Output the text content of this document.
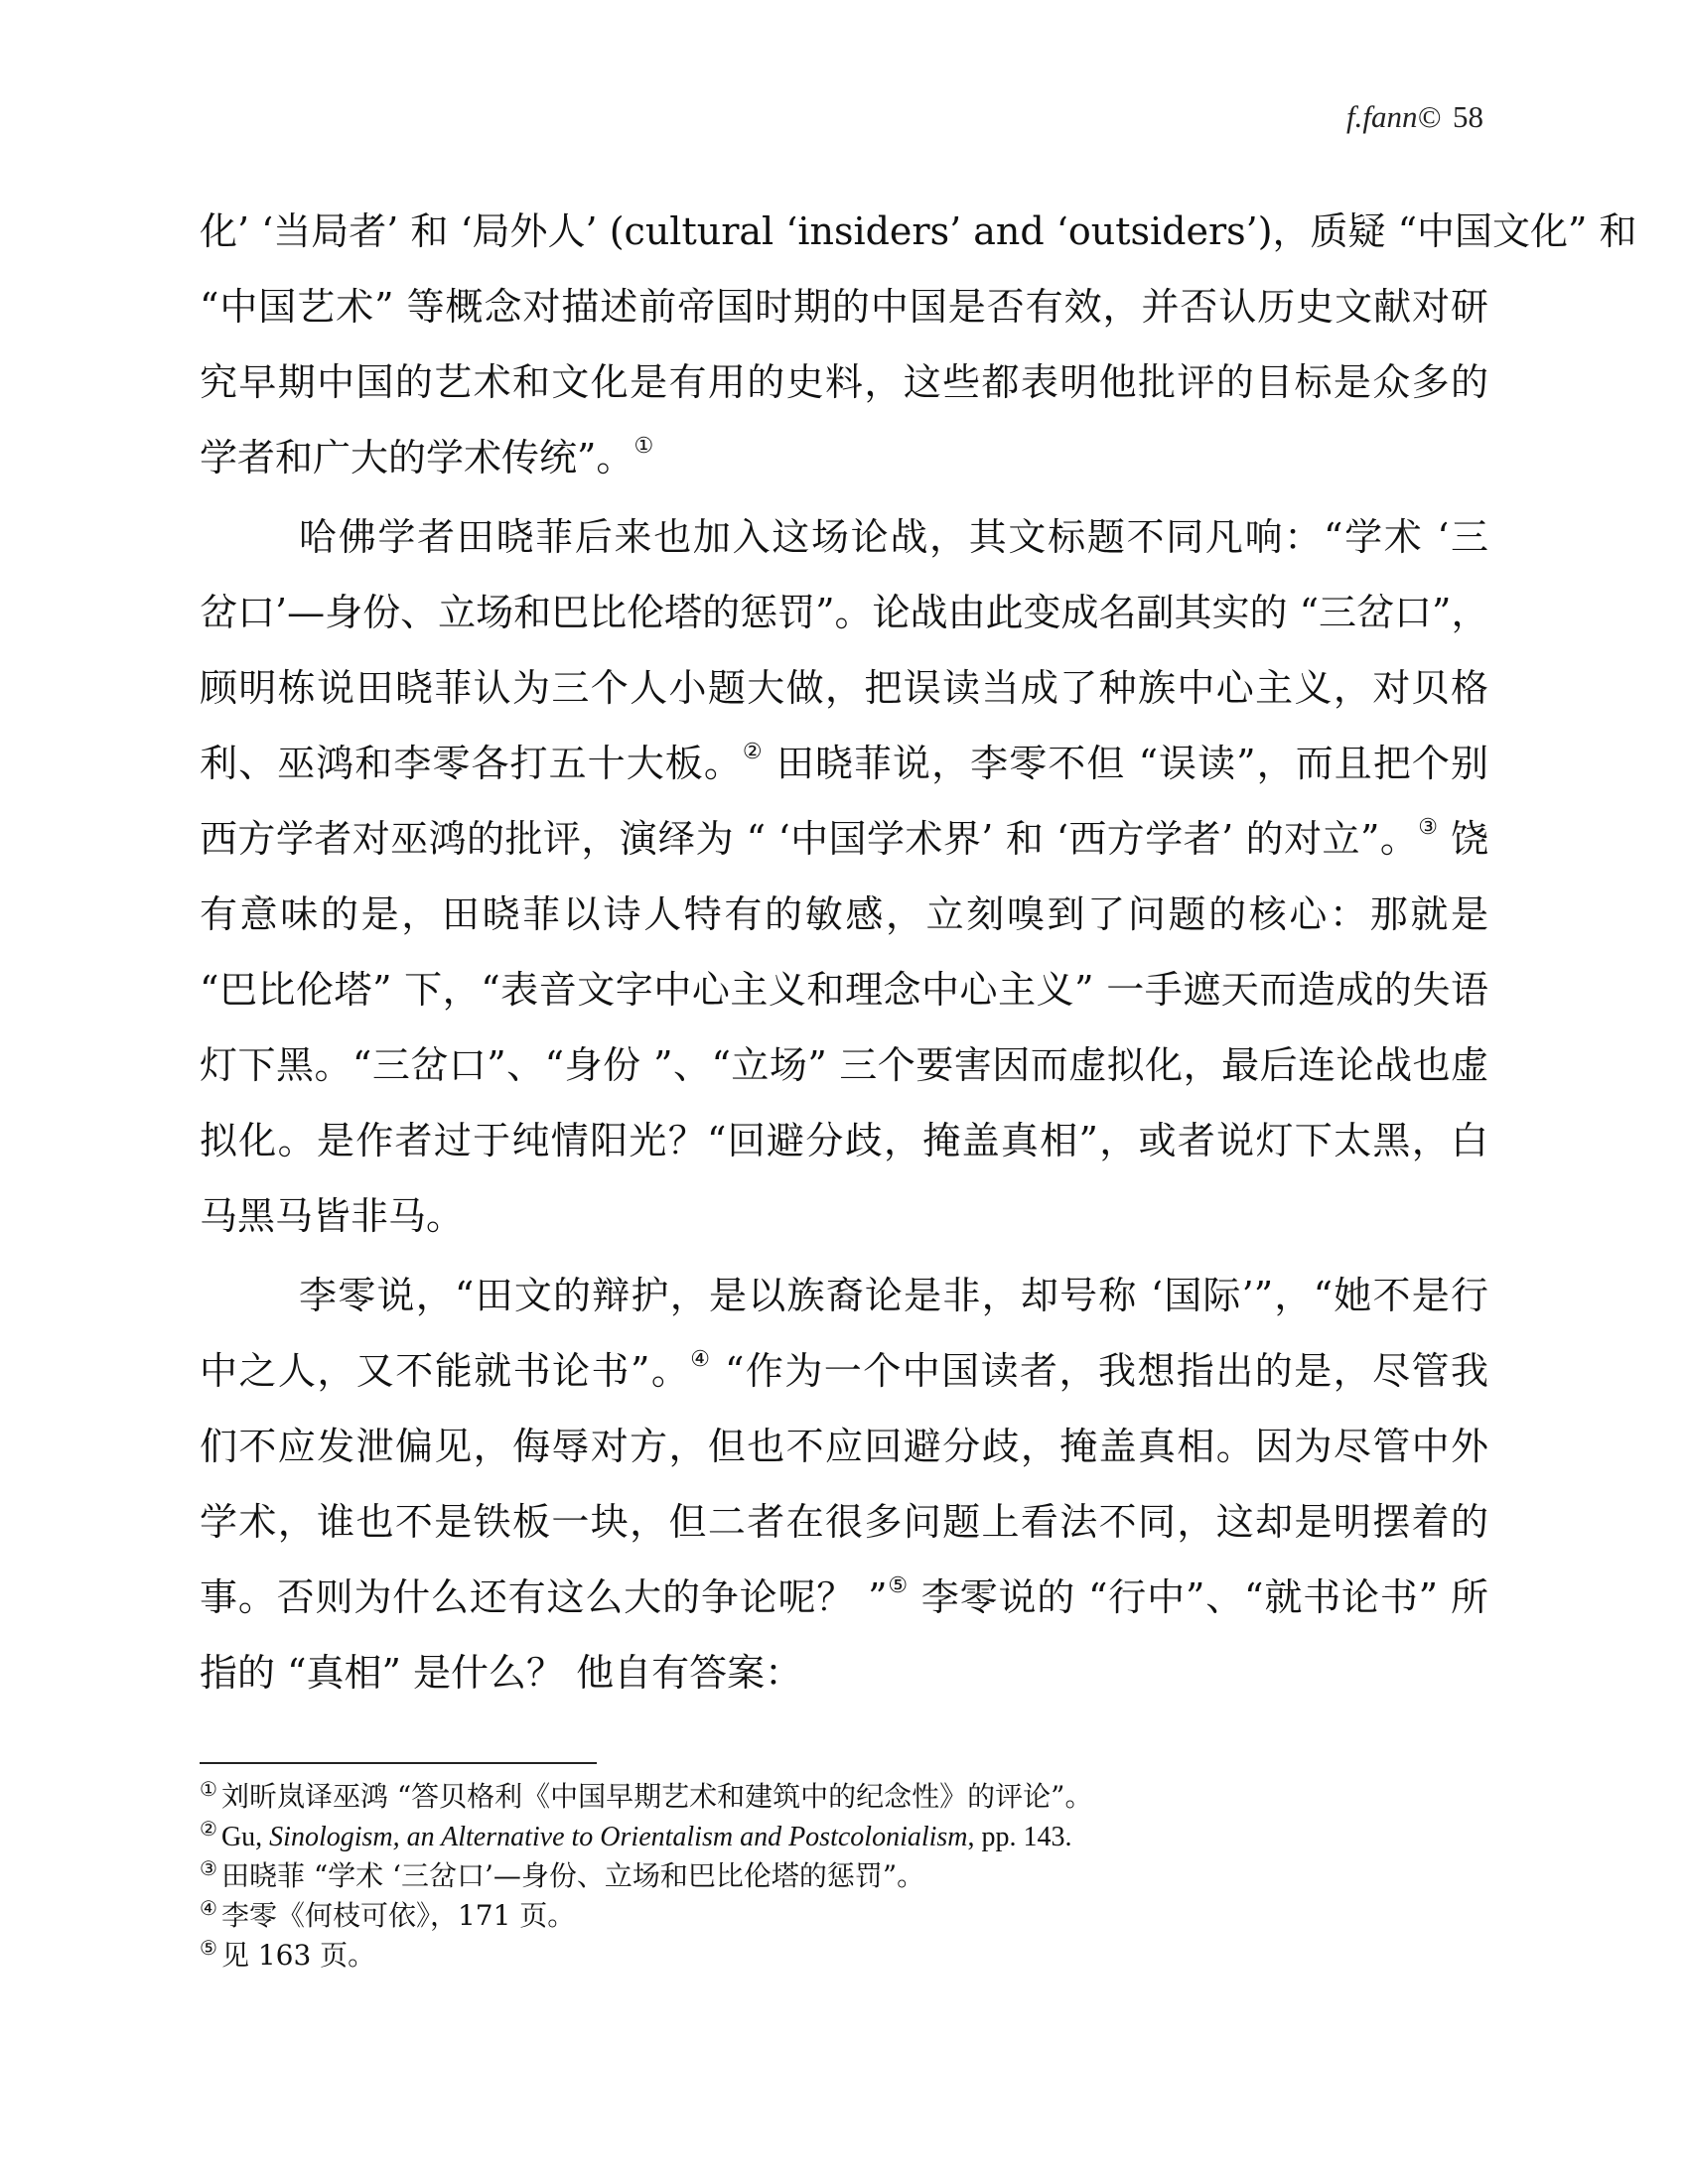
f.fann© 58
化’ ‘当局者’ 和 ‘局外人’ (cultural ‘insiders’ and ‘outsiders’)，质疑 “中国文化” 和
“中国艺术” 等概念对描述前帝国时期的中国是否有效，并否认历史文献对研
究早期中国的艺术和文化是有用的史料，这些都表明他批评的目标是众多的
学者和广大的学术传统”。①
哈佛学者田晓菲后来也加入这场论战，其文标题不同凡响：“学术 ‘三
岔口’—身份、立场和巴比伦塔的惩罚”。论战由此变成名副其实的 “三岔口”，
顾明栋说田晓菲认为三个人小题大做，把误读当成了种族中心主义，对贝格
利、巫鸿和李零各打五十大板。② 田晓菲说，李零不但 “误读”，而且把个别
西方学者对巫鸿的批评，演绎为 “ ‘中国学术界’ 和 ‘西方学者’ 的对立”。③ 饶
有意味的是，田晓菲以诗人特有的敏感，立刻嗅到了问题的核心：那就是
“巴比伦塔” 下，“表音文字中心主义和理念中心主义” 一手遮天而造成的失语
灯下黑。“三岔口”、“身份 ”、“立场” 三个要害因而虚拟化，最后连论战也虚
拟化。是作者过于纯情阳光？“回避分歧，掩盖真相”，或者说灯下太黑，白
马黑马皆非马。
李零说，“田文的辩护，是以族裔论是非，却号称 ‘国际’”，“她不是行
中之人，又不能就书论书”。④ “作为一个中国读者，我想指出的是，尽管我
们不应发泄偏见，侮辱对方，但也不应回避分歧，掩盖真相。因为尽管中外
学术，谁也不是铁板一块，但二者在很多问题上看法不同，这却是明摆着的
事。否则为什么还有这么大的争论呢？ ”⑤ 李零说的 “行中”、“就书论书” 所
指的 “真相” 是什么？ 他自有答案：
① 刘昕岚译巫鸿 “答贝格利《中国早期艺术和建筑中的纪念性》的评论”。
② Gu, Sinologism, an Alternative to Orientalism and Postcolonialism, pp. 143.
③ 田晓菲 “学术 ‘三岔口’—身份、立场和巴比伦塔的惩罚”。
④ 李零《何枝可依》，171 页。
⑤ 见 163 页。
